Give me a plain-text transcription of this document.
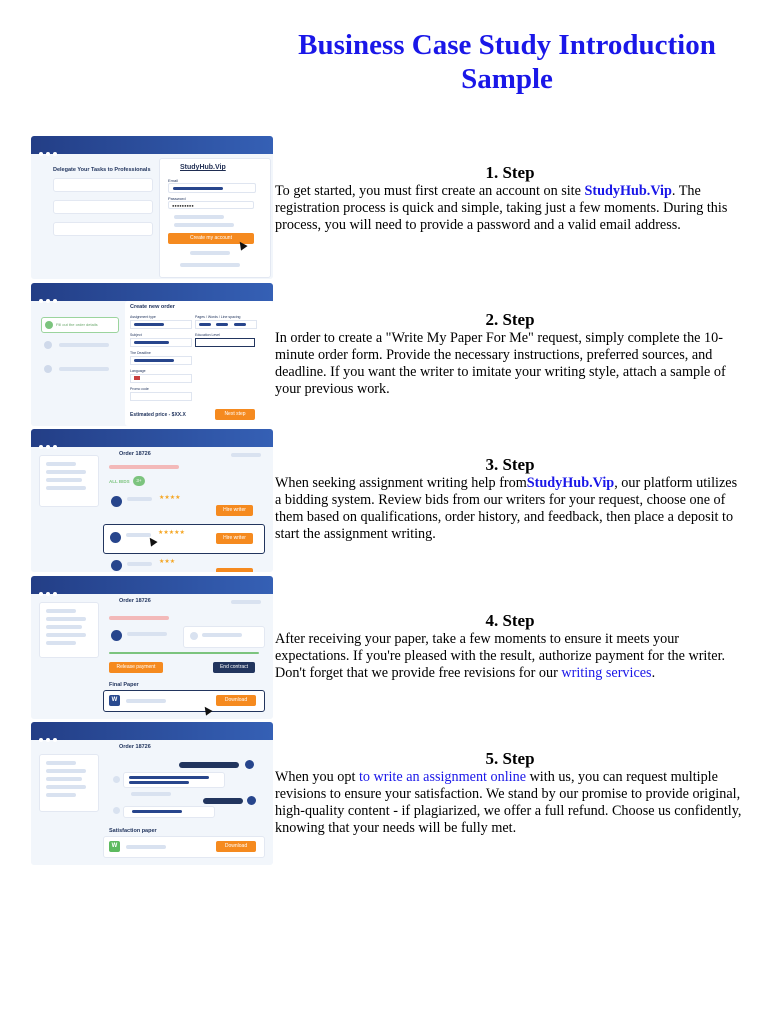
Business Case Study Introduction Sample
Delegate Your Tasks to Professionals	StudyHub.Vip
Email
Password
●●●●●●●●●
Create my account
Fill out the order details
Create new order
Assignment type	Pages / Words / Line spacing
Subject	Education Level
The Deadline
Language
Promo code
Estimated price - $XX.X	Next step
Order 18726
ALL BIDS	3+
★★★★
Hire writer
★★★★★
Hire writer
★★★
Order 18726
Release payment	End contract
Final Paper
W	Download
Order 18726
Satisfaction paper
W	Download
1. Step

To get started, you must first create an account on site StudyHub.Vip. The registration process is quick and simple, taking just a few moments. During this process, you will need to provide a password and a valid email address.

2. Step

In order to create a "Write My Paper For Me" request, simply complete the 10-minute order form. Provide the necessary instructions, preferred sources, and deadline. If you want the writer to imitate your writing style, attach a sample of your previous work.

3. Step

When seeking assignment writing help fromStudyHub.Vip, our platform utilizes a bidding system. Review bids from our writers for your request, choose one of them based on qualifications, order history, and feedback, then place a deposit to start the assignment writing.

4. Step

After receiving your paper, take a few moments to ensure it meets your expectations. If you're pleased with the result, authorize payment for the writer. Don't forget that we provide free revisions for our writing services.

5. Step

When you opt to write an assignment online with us, you can request multiple revisions to ensure your satisfaction. We stand by our promise to provide original, high-quality content - if plagiarized, we offer a full refund. Choose us confidently, knowing that your needs will be fully met.
